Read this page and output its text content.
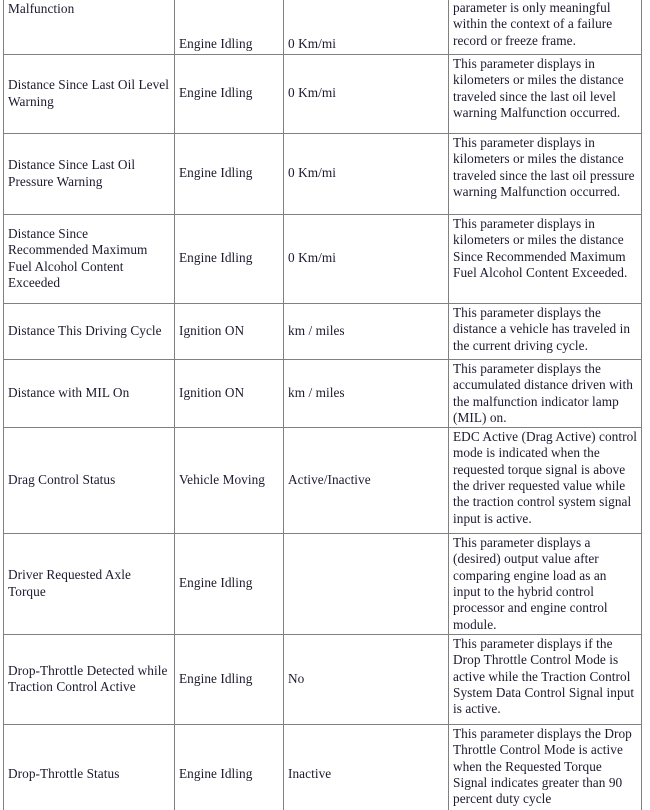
Malfunction	Engine Idling	0 Km/mi	parameter is only meaningful within the context of a failure record or freeze frame.
Distance Since Last Oil Level Warning	Engine Idling	0 Km/mi	This parameter displays in kilometers or miles the distance traveled since the last oil level warning Malfunction occurred.
Distance Since Last Oil Pressure Warning	Engine Idling	0 Km/mi	This parameter displays in kilometers or miles the distance traveled since the last oil pressure warning Malfunction occurred.
Distance Since Recommended Maximum Fuel Alcohol Content Exceeded	Engine Idling	0 Km/mi	This parameter displays in kilometers or miles the distance Since Recommended Maximum Fuel Alcohol Content Exceeded.
Distance This Driving Cycle	Ignition ON	km / miles	This parameter displays the distance a vehicle has traveled in the current driving cycle.
Distance with MIL On	Ignition ON	km / miles	This parameter displays the accumulated distance driven with the malfunction indicator lamp (MIL) on.
Drag Control Status	Vehicle Moving	Active/Inactive	EDC Active (Drag Active) control mode is indicated when the requested torque signal is above the driver requested value while the traction control system signal input is active.
Driver Requested Axle Torque	Engine Idling		This parameter displays a (desired) output value after comparing engine load as an input to the hybrid control processor and engine control module.
Drop-Throttle Detected while Traction Control Active	Engine Idling	No	This parameter displays if the Drop Throttle Control Mode is active while the Traction Control System Data Control Signal input is active.
Drop-Throttle Status	Engine Idling	Inactive	This parameter displays the Drop Throttle Control Mode is active when the Requested Torque Signal indicates greater than 90 percent duty cycle
